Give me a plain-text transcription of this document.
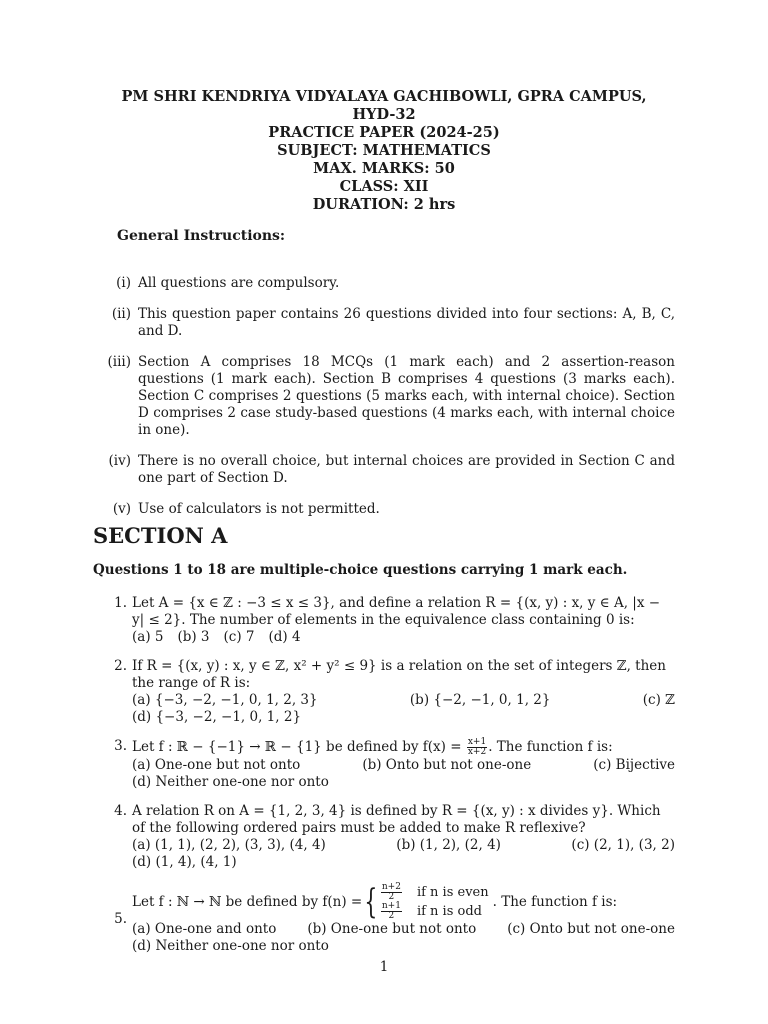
PM SHRI KENDRIYA VIDYALAYA GACHIBOWLI, GPRA CAMPUS,
HYD-32
PRACTICE PAPER (2024-25)
SUBJECT: MATHEMATICS
MAX. MARKS: 50
CLASS: XII
DURATION: 2 hrs
General Instructions:
(i) All questions are compulsory.
(ii) This question paper contains 26 questions divided into four sections: A, B, C, and D.
(iii) Section A comprises 18 MCQs (1 mark each) and 2 assertion-reason questions (1 mark each). Section B comprises 4 questions (3 marks each). Section C comprises 2 questions (5 marks each, with internal choice). Section D comprises 2 case study-based questions (4 marks each, with internal choice in one).
(iv) There is no overall choice, but internal choices are provided in Section C and one part of Section D.
(v) Use of calculators is not permitted.
SECTION A
Questions 1 to 18 are multiple-choice questions carrying 1 mark each.
1. Let A = {x ∈ ℤ : −3 ≤ x ≤ 3}, and define a relation R = {(x, y) : x, y ∈ A, |x − y| ≤ 2}. The number of elements in the equivalence class containing 0 is:
(a) 5 (b) 3 (c) 7 (d) 4
2. If R = {(x, y) : x, y ∈ ℤ, x² + y² ≤ 9} is a relation on the set of integers ℤ, then the range of R is:
(a) {−3, −2, −1, 0, 1, 2, 3}	(b) {−2, −1, 0, 1, 2}	(c) ℤ
(d) {−3, −2, −1, 0, 1, 2}
3. Let f : ℝ − {−1} → ℝ − {1} be defined by $f(x) = \frac{x+1}{x+2}$ . The function f is:
(a) One-one but not onto	(b) Onto but not one-one	(c) Bijective
(d) Neither one-one nor onto
4. A relation R on A = {1, 2, 3, 4} is defined by R = {(x, y) : x divides y}. Which of the following ordered pairs must be added to make R reflexive?
(a) (1, 1), (2, 2), (3, 3), (4, 4)	(b) (1, 2), (2, 4)	(c) (2, 1), (3, 2)
(d) (1, 4), (4, 1)
5.
Let f : ℕ → ℕ be defined by f(n) = { $\frac{n+2}{2}$ if n is even
$\frac{n+1}{2}$ if n is odd
. The function f is:
(a) One-one and onto (b) One-one but not onto (c) Onto but not one-one
(d) Neither one-one nor onto
1
